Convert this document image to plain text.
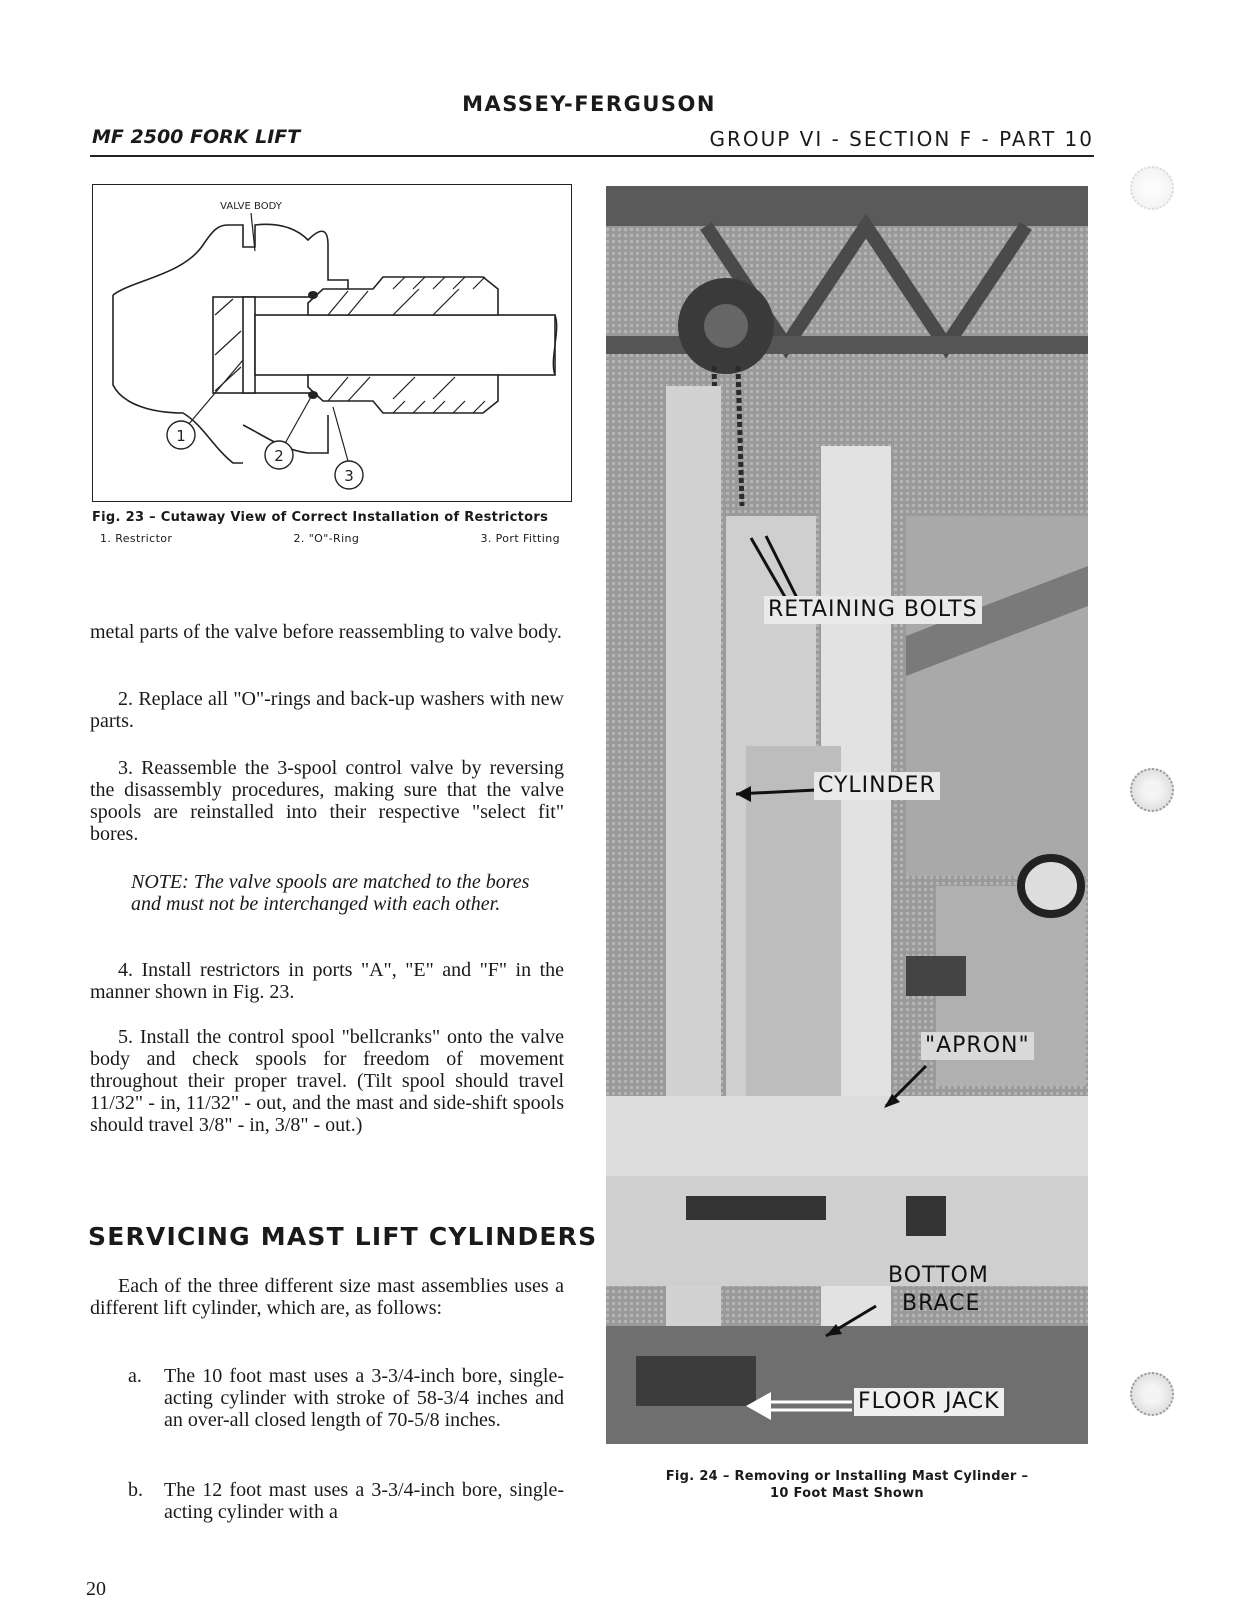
MASSEY-FERGUSON
MF 2500 FORK LIFT	GROUP VI - SECTION F - PART 10
VALVE BODY
1
2
3
Fig. 23 – Cutaway View of Correct Installation of Restrictors
1. Restrictor	2. "O"-Ring	3. Port Fitting
metal parts of the valve before reassembling to valve body.
2. Replace all "O"-rings and back-up washers with new parts.
3. Reassemble the 3-spool control valve by reversing the disassembly procedures, making sure that the valve spools are reinstalled into their respective "select fit" bores.
NOTE: The valve spools are matched to the bores and must not be interchanged with each other.
4. Install restrictors in ports "A", "E" and "F" in the manner shown in Fig. 23.
5. Install the control spool "bellcranks" onto the valve body and check spools for freedom of movement throughout their proper travel. (Tilt spool should travel 11/32" - in, 11/32" - out, and the mast and side-shift spools should travel 3/8" - in, 3/8" - out.)
SERVICING MAST LIFT CYLINDERS
Each of the three different size mast assemblies uses a different lift cylinder, which are, as follows:
a.	The 10 foot mast uses a 3-3/4-inch bore, single-acting cylinder with stroke of 58-3/4 inches and an over-all closed length of 70-5/8 inches.
b.	The 12 foot mast uses a 3-3/4-inch bore, single-acting cylinder with a
20
RETAINING BOLTS
CYLINDER
"APRON"
BOTTOM
BRACE
FLOOR JACK
Fig. 24 – Removing or Installing Mast Cylinder –
10 Foot Mast Shown
